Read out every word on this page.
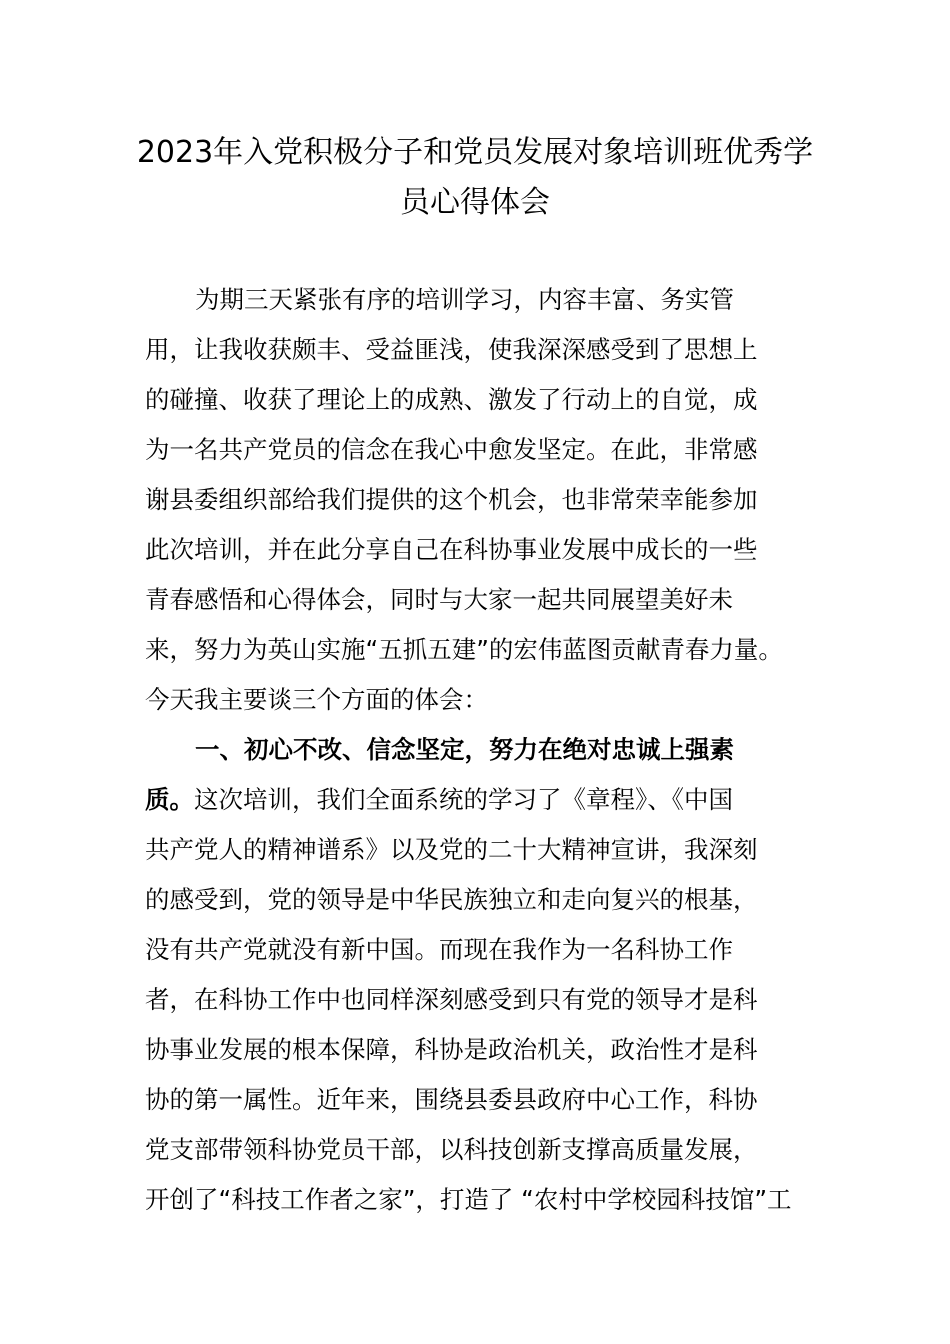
2023年入党积极分子和党员发展对象培训班优秀学
员心得体会
为期三天紧张有序的培训学习，内容丰富、务实管
用，让我收获颇丰、受益匪浅，使我深深感受到了思想上
的碰撞、收获了理论上的成熟、激发了行动上的自觉，成
为一名共产党员的信念在我心中愈发坚定。在此，非常感
谢县委组织部给我们提供的这个机会，也非常荣幸能参加
此次培训，并在此分享自己在科协事业发展中成长的一些
青春感悟和心得体会，同时与大家一起共同展望美好未
来，努力为英山实施“五抓五建”的宏伟蓝图贡献青春力量。
今天我主要谈三个方面的体会：
一、初心不改、信念坚定，努力在绝对忠诚上强素
质。这次培训，我们全面系统的学习了《章程》、《中国
共产党人的精神谱系》以及党的二十大精神宣讲，我深刻
的感受到，党的领导是中华民族独立和走向复兴的根基，
没有共产党就没有新中国。而现在我作为一名科协工作
者，在科协工作中也同样深刻感受到只有党的领导才是科
协事业发展的根本保障，科协是政治机关，政治性才是科
协的第一属性。近年来，围绕县委县政府中心工作，科协
党支部带领科协党员干部，以科技创新支撑高质量发展，
开创了“科技工作者之家”，打造了 “农村中学校园科技馆”工
